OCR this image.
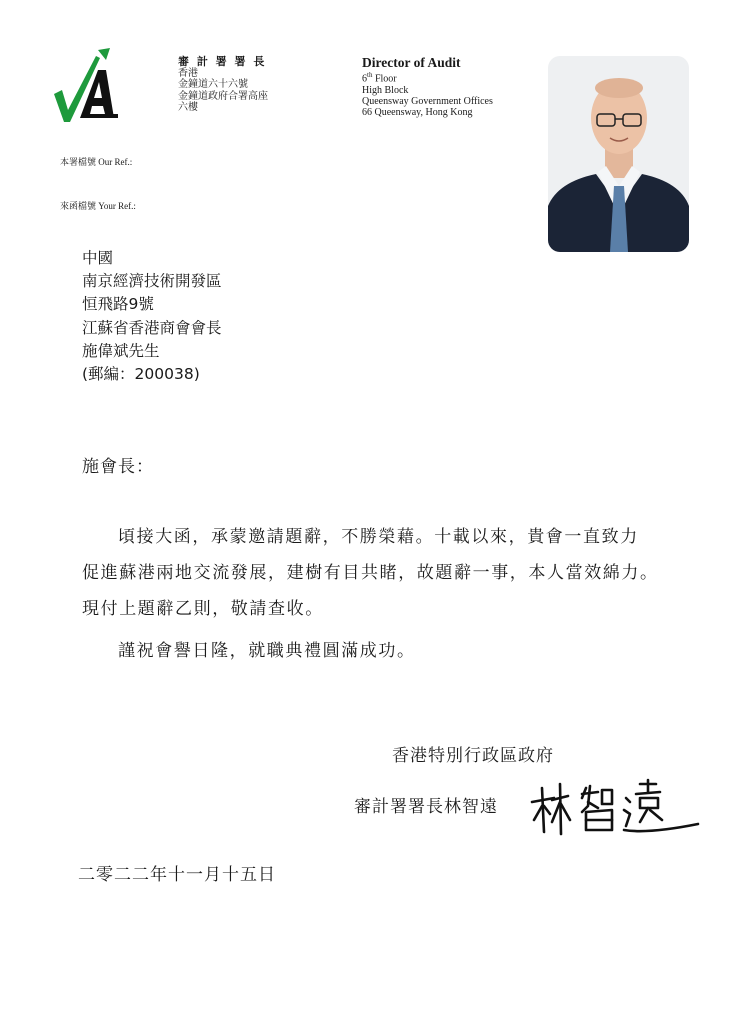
審 計 署 署 長
香港
金鐘道六十六號
金鐘道政府合署高座
六樓
Director of Audit
6th Floor
High Block
Queensway Government Offices
66 Queensway, Hong Kong
本署檔號 Our Ref.:
來函檔號 Your Ref.:
中國
南京經濟技術開發區
恒飛路9號
江蘇省香港商會會長
施偉斌先生
(郵編：200038)
施會長：
頃接大函，承蒙邀請題辭，不勝榮藉。十載以來，貴會一直致力
促進蘇港兩地交流發展，建樹有目共睹，故題辭一事，本人當效綿力。
現付上題辭乙則，敬請查收。
謹祝會譽日隆，就職典禮圓滿成功。
香港特別行政區政府
審計署署長林智遠
二零二二年十一月十五日
